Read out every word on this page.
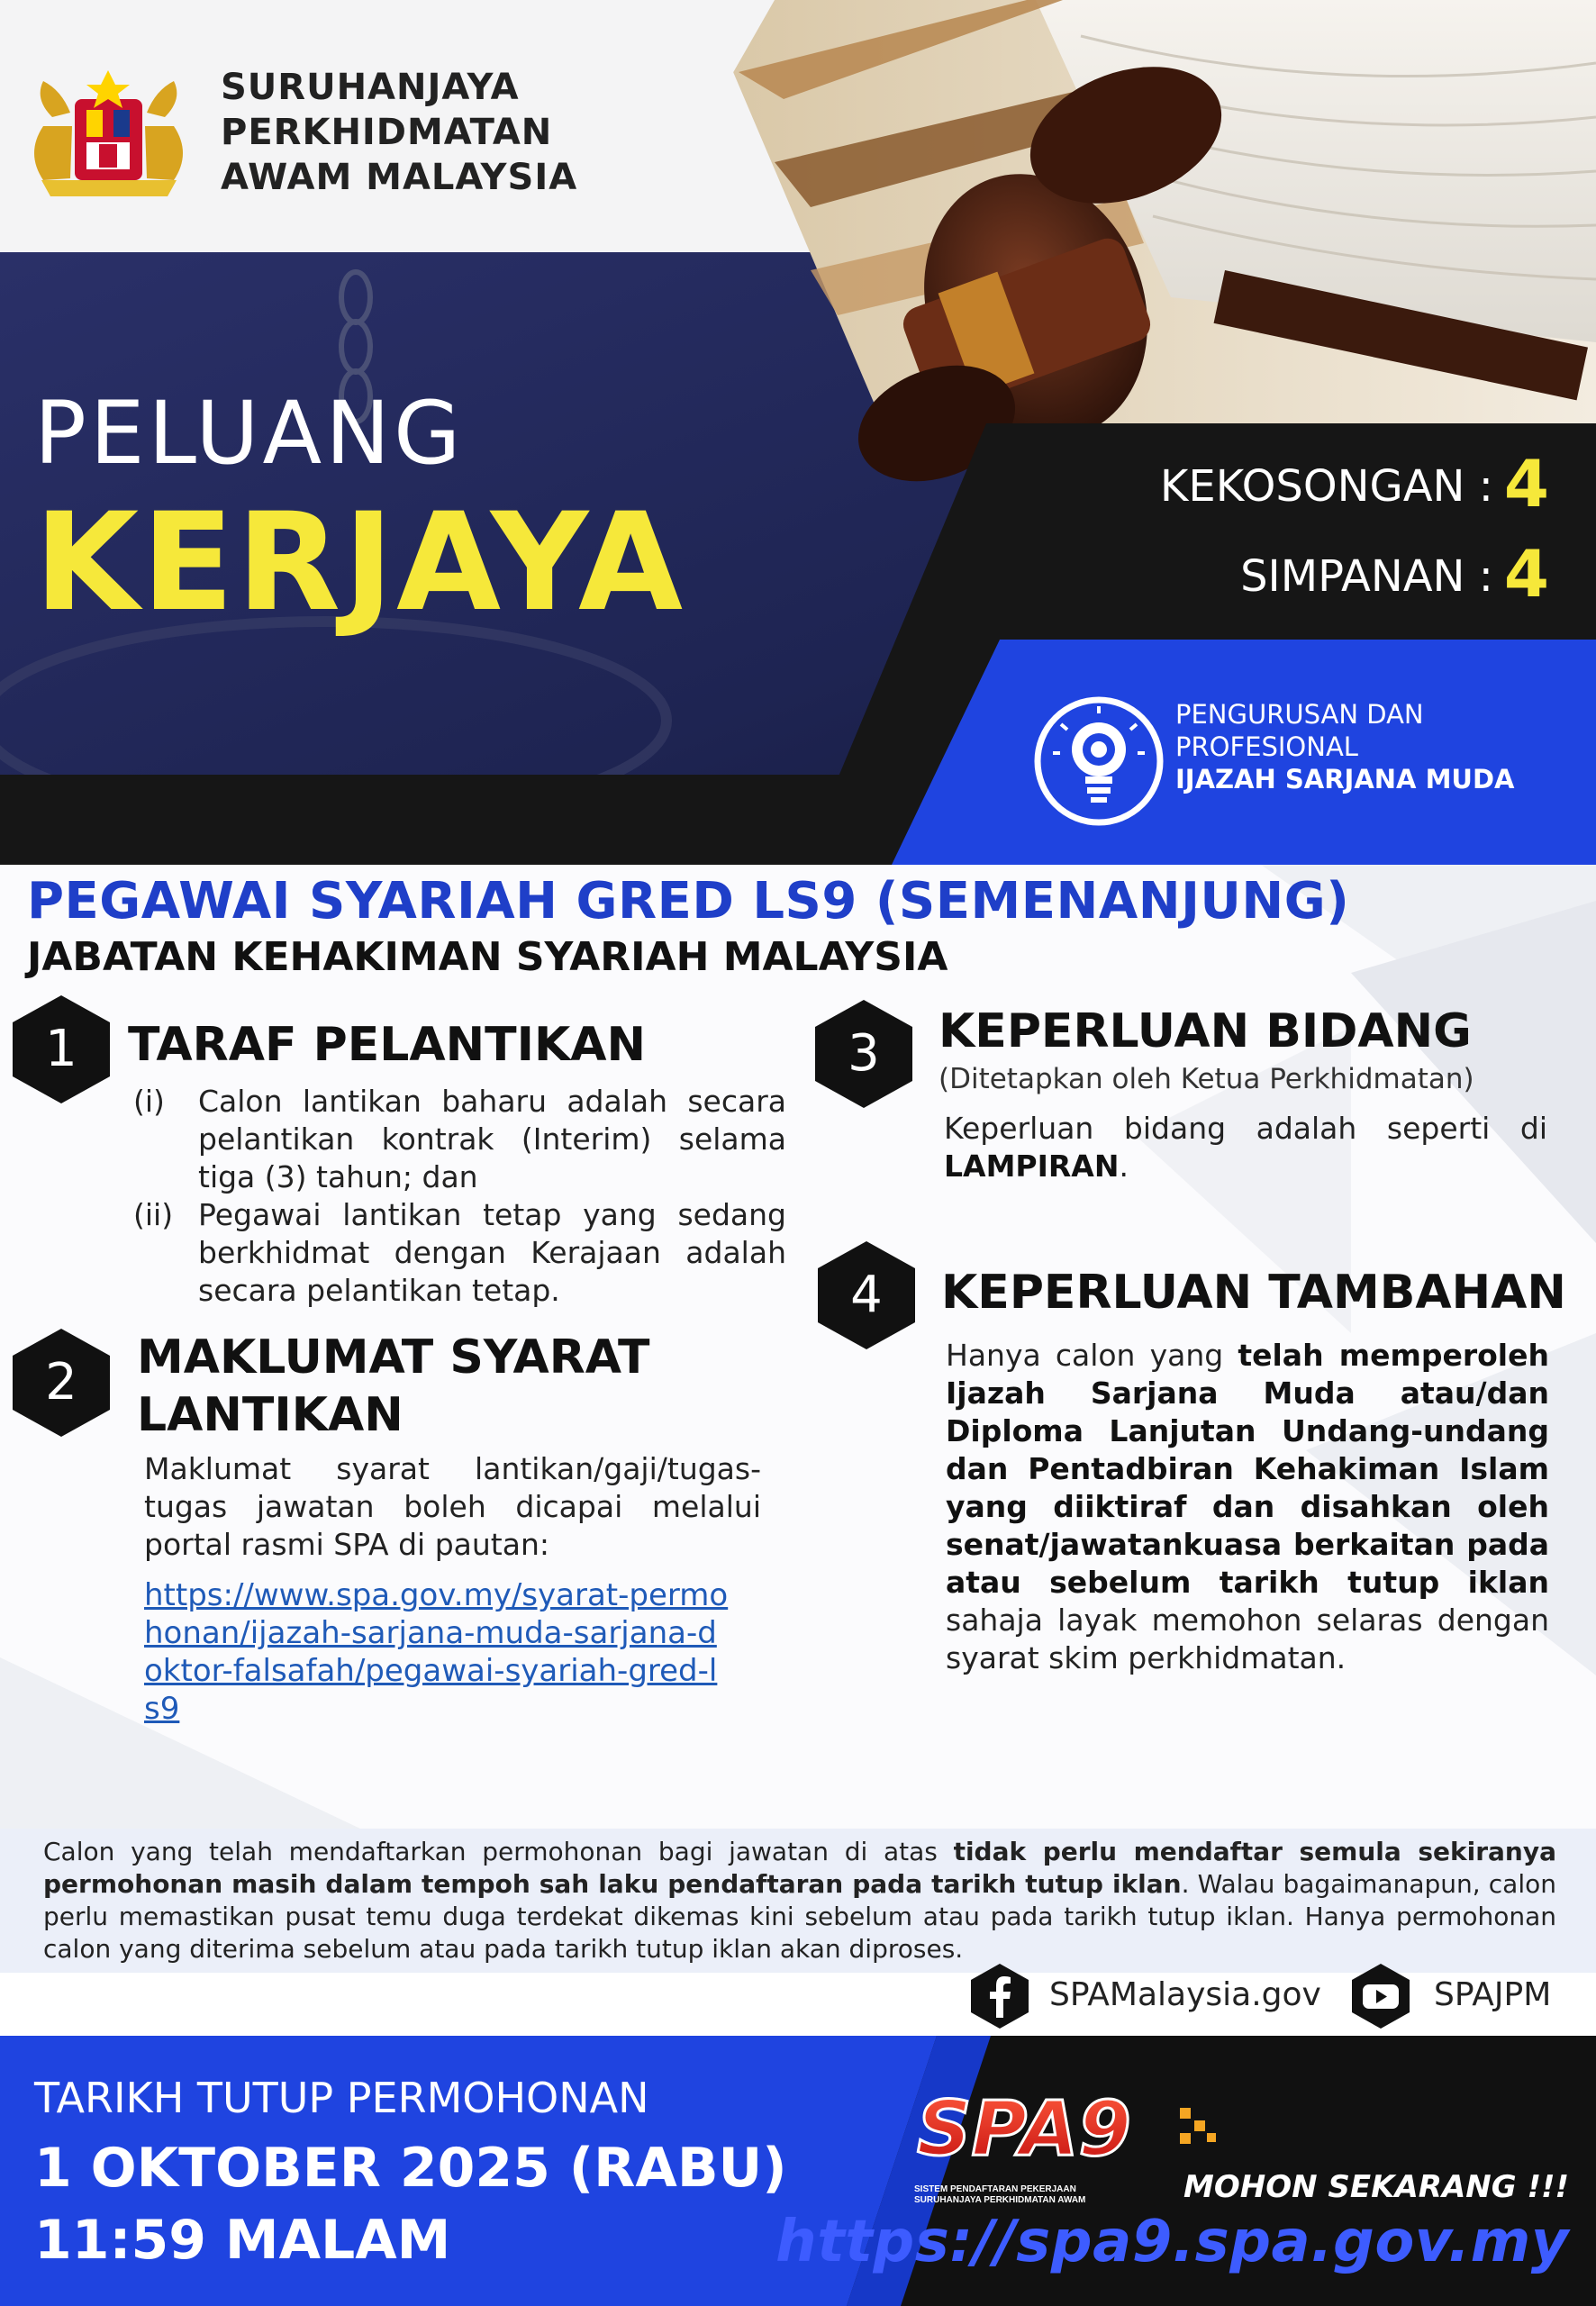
SURUHANJAYA
PERKHIDMATAN
AWAM MALAYSIA
PELUANG
KERJAYA	KEKOSONGAN : 4
SIMPANAN : 4
PENGURUSAN DAN
PROFESIONAL
IJAZAH SARJANA MUDA
PEGAWAI SYARIAH GRED LS9 (SEMENANJUNG)
JABATAN KEHAKIMAN SYARIAH MALAYSIA
1	TARAF PELANTIKAN
(i)	Calon lantikan baharu adalah secara pelantikan kontrak (Interim) selama tiga (3) tahun; dan
(ii) Pegawai lantikan tetap yang sedang berkhidmat dengan Kerajaan adalah secara pelantikan tetap.
2	MAKLUMAT SYARAT
LANTIKAN
Maklumat syarat lantikan/gaji/tugas-tugas jawatan boleh dicapai melalui portal rasmi SPA di pautan:
https://www.spa.gov.my/syarat-permohonan/ijazah-sarjana-muda-sarjana-doktor-falsafah/pegawai-syariah-gred-ls9
3	KEPERLUAN BIDANG
(Ditetapkan oleh Ketua Perkhidmatan)
Keperluan bidang adalah seperti di LAMPIRAN.
4	KEPERLUAN TAMBAHAN
Hanya calon yang telah memperoleh Ijazah Sarjana Muda atau/dan Diploma Lanjutan Undang-undang dan Pentadbiran Kehakiman Islam yang diiktiraf dan disahkan oleh senat/jawatankuasa berkaitan pada atau sebelum tarikh tutup iklan sahaja layak memohon selaras dengan syarat skim perkhidmatan.
Calon yang telah mendaftarkan permohonan bagi jawatan di atas tidak perlu mendaftar semula sekiranya permohonan masih dalam tempoh sah laku pendaftaran pada tarikh tutup iklan. Walau bagaimanapun, calon perlu memastikan pusat temu duga terdekat dikemas kini sebelum atau pada tarikh tutup iklan. Hanya permohonan calon yang diterima sebelum atau pada tarikh tutup iklan akan diproses.
SPAMalaysia.gov	SPAJPM
TARIKH TUTUP PERMOHONAN
1 OKTOBER 2025 (RABU)
11:59 MALAM
SPA9
SISTEM PENDAFTARAN PEKERJAAN
SURUHANJAYA PERKHIDMATAN AWAM	MOHON SEKARANG !!!
https://spa9.spa.gov.my
